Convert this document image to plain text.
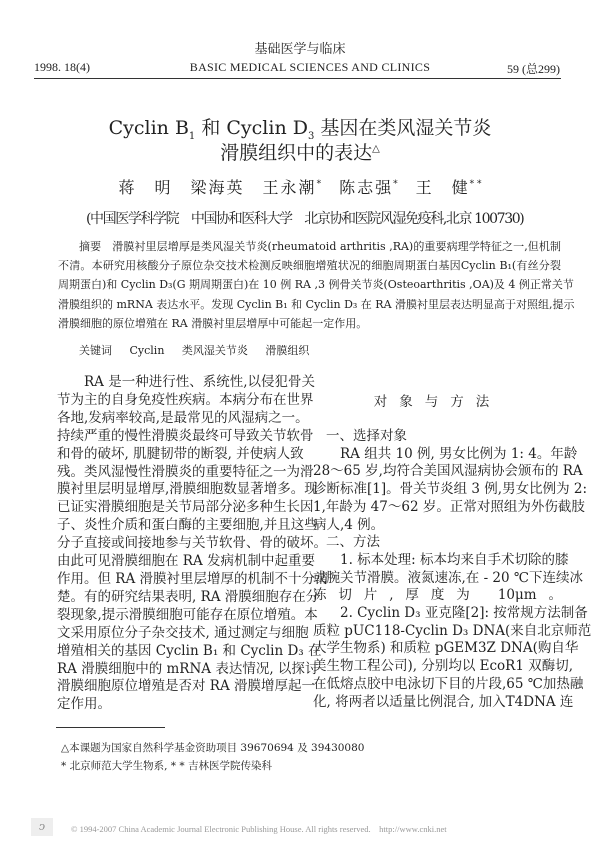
基础医学与临床
1998. 18(4)	BASIC MEDICAL SCIENCES AND CLINICS	59 (总299)
Cyclin $B_1$ 和 Cyclin $D_3$ 基因在类风湿关节炎
滑膜组织中的表达△
蒋　明 梁海英 王永潮* 陈志强* 王　健* *
(中国医学科学院　中国协和医科大学　北京协和医院风湿免疫科,北京 100730)
摘要　滑膜衬里层增厚是类风湿关节炎(rheumatoid arthritis ,RA)的重要病理学特征之一,但机制
不清。本研究用核酸分子原位杂交技术检测反映细胞增殖状况的细胞周期蛋白基因Cyclin B₁(有丝分裂
周期蛋白)和 Cyclin D₃(G 期周期蛋白)在 10 例 RA ,3 例骨关节炎(Osteoarthritis ,OA)及 4 例正常关节
滑膜组织的 mRNA 表达水平。发现 Cyclin B₁ 和 Cyclin D₃ 在 RA 滑膜衬里层表达明显高于对照组,提示
滑膜细胞的原位增殖在 RA 滑膜衬里层增厚中可能起一定作用。
关键词 Cyclin 类风湿关节炎 滑膜组织
RA 是一种进行性、系统性,以侵犯骨关
节为主的自身免疫性疾病。本病分布在世界
各地,发病率较高,是最常见的风湿病之一。
持续严重的慢性滑膜炎最终可导致关节软骨
和骨的破坏, 肌腱韧带的断裂, 并使病人致
残。类风湿慢性滑膜炎的重要特征之一为滑
膜衬里层明显增厚,滑膜细胞数显著增多。现
已证实滑膜细胞是关节局部分泌多种生长因
子、炎性介质和蛋白酶的主要细胞,并且这些
分子直接或间接地参与关节软骨、骨的破坏。
由此可见滑膜细胞在 RA 发病机制中起重要
作用。但 RA 滑膜衬里层增厚的机制不十分清
楚。有的研究结果表明, RA 滑膜细胞存在分
裂现象,提示滑膜细胞可能存在原位增殖。本
文采用原位分子杂交技术, 通过测定与细胞
增殖相关的基因 Cyclin B₁ 和 Cyclin D₃ 在
RA 滑膜细胞中的 mRNA 表达情况, 以探讨
滑膜细胞原位增殖是否对 RA 滑膜增厚起一
定作用。
对象与方法
一、选择对象
RA 组共 10 例, 男女比例为 1: 4。年龄
28～65 岁,均符合美国风湿病协会颁布的 RA
诊断标准[1]。骨关节炎组 3 例,男女比例为 2:
1,年龄为 47～62 岁。正常对照组为外伤截肢
病人,4 例。
二、方法
1. 标本处理: 标本均来自手术切除的膝
或腕关节滑膜。液氮速冻,在 - 20 ℃下连续冰
冻切片,厚度为 10μm。
2. Cyclin D₃ 亚克隆[2]: 按常规方法制备
质粒 pUC118-Cyclin D₃ DNA(来自北京师范
大学生物系) 和质粒 pGEM3Z DNA(购自华
美生物工程公司), 分别均以 EcoR1 双酶切,
在低熔点胶中电泳切下目的片段,65 ℃加热融
化, 将两者以适量比例混合, 加入T4DNA 连
△本课题为国家自然科学基金资助项目 39670694 及 39430080
* 北京师范大学生物系, * * 吉林医学院传染科
ↄ	© 1994-2007 China Academic Journal Electronic Publishing House. All rights reserved.　http://www.cnki.net
